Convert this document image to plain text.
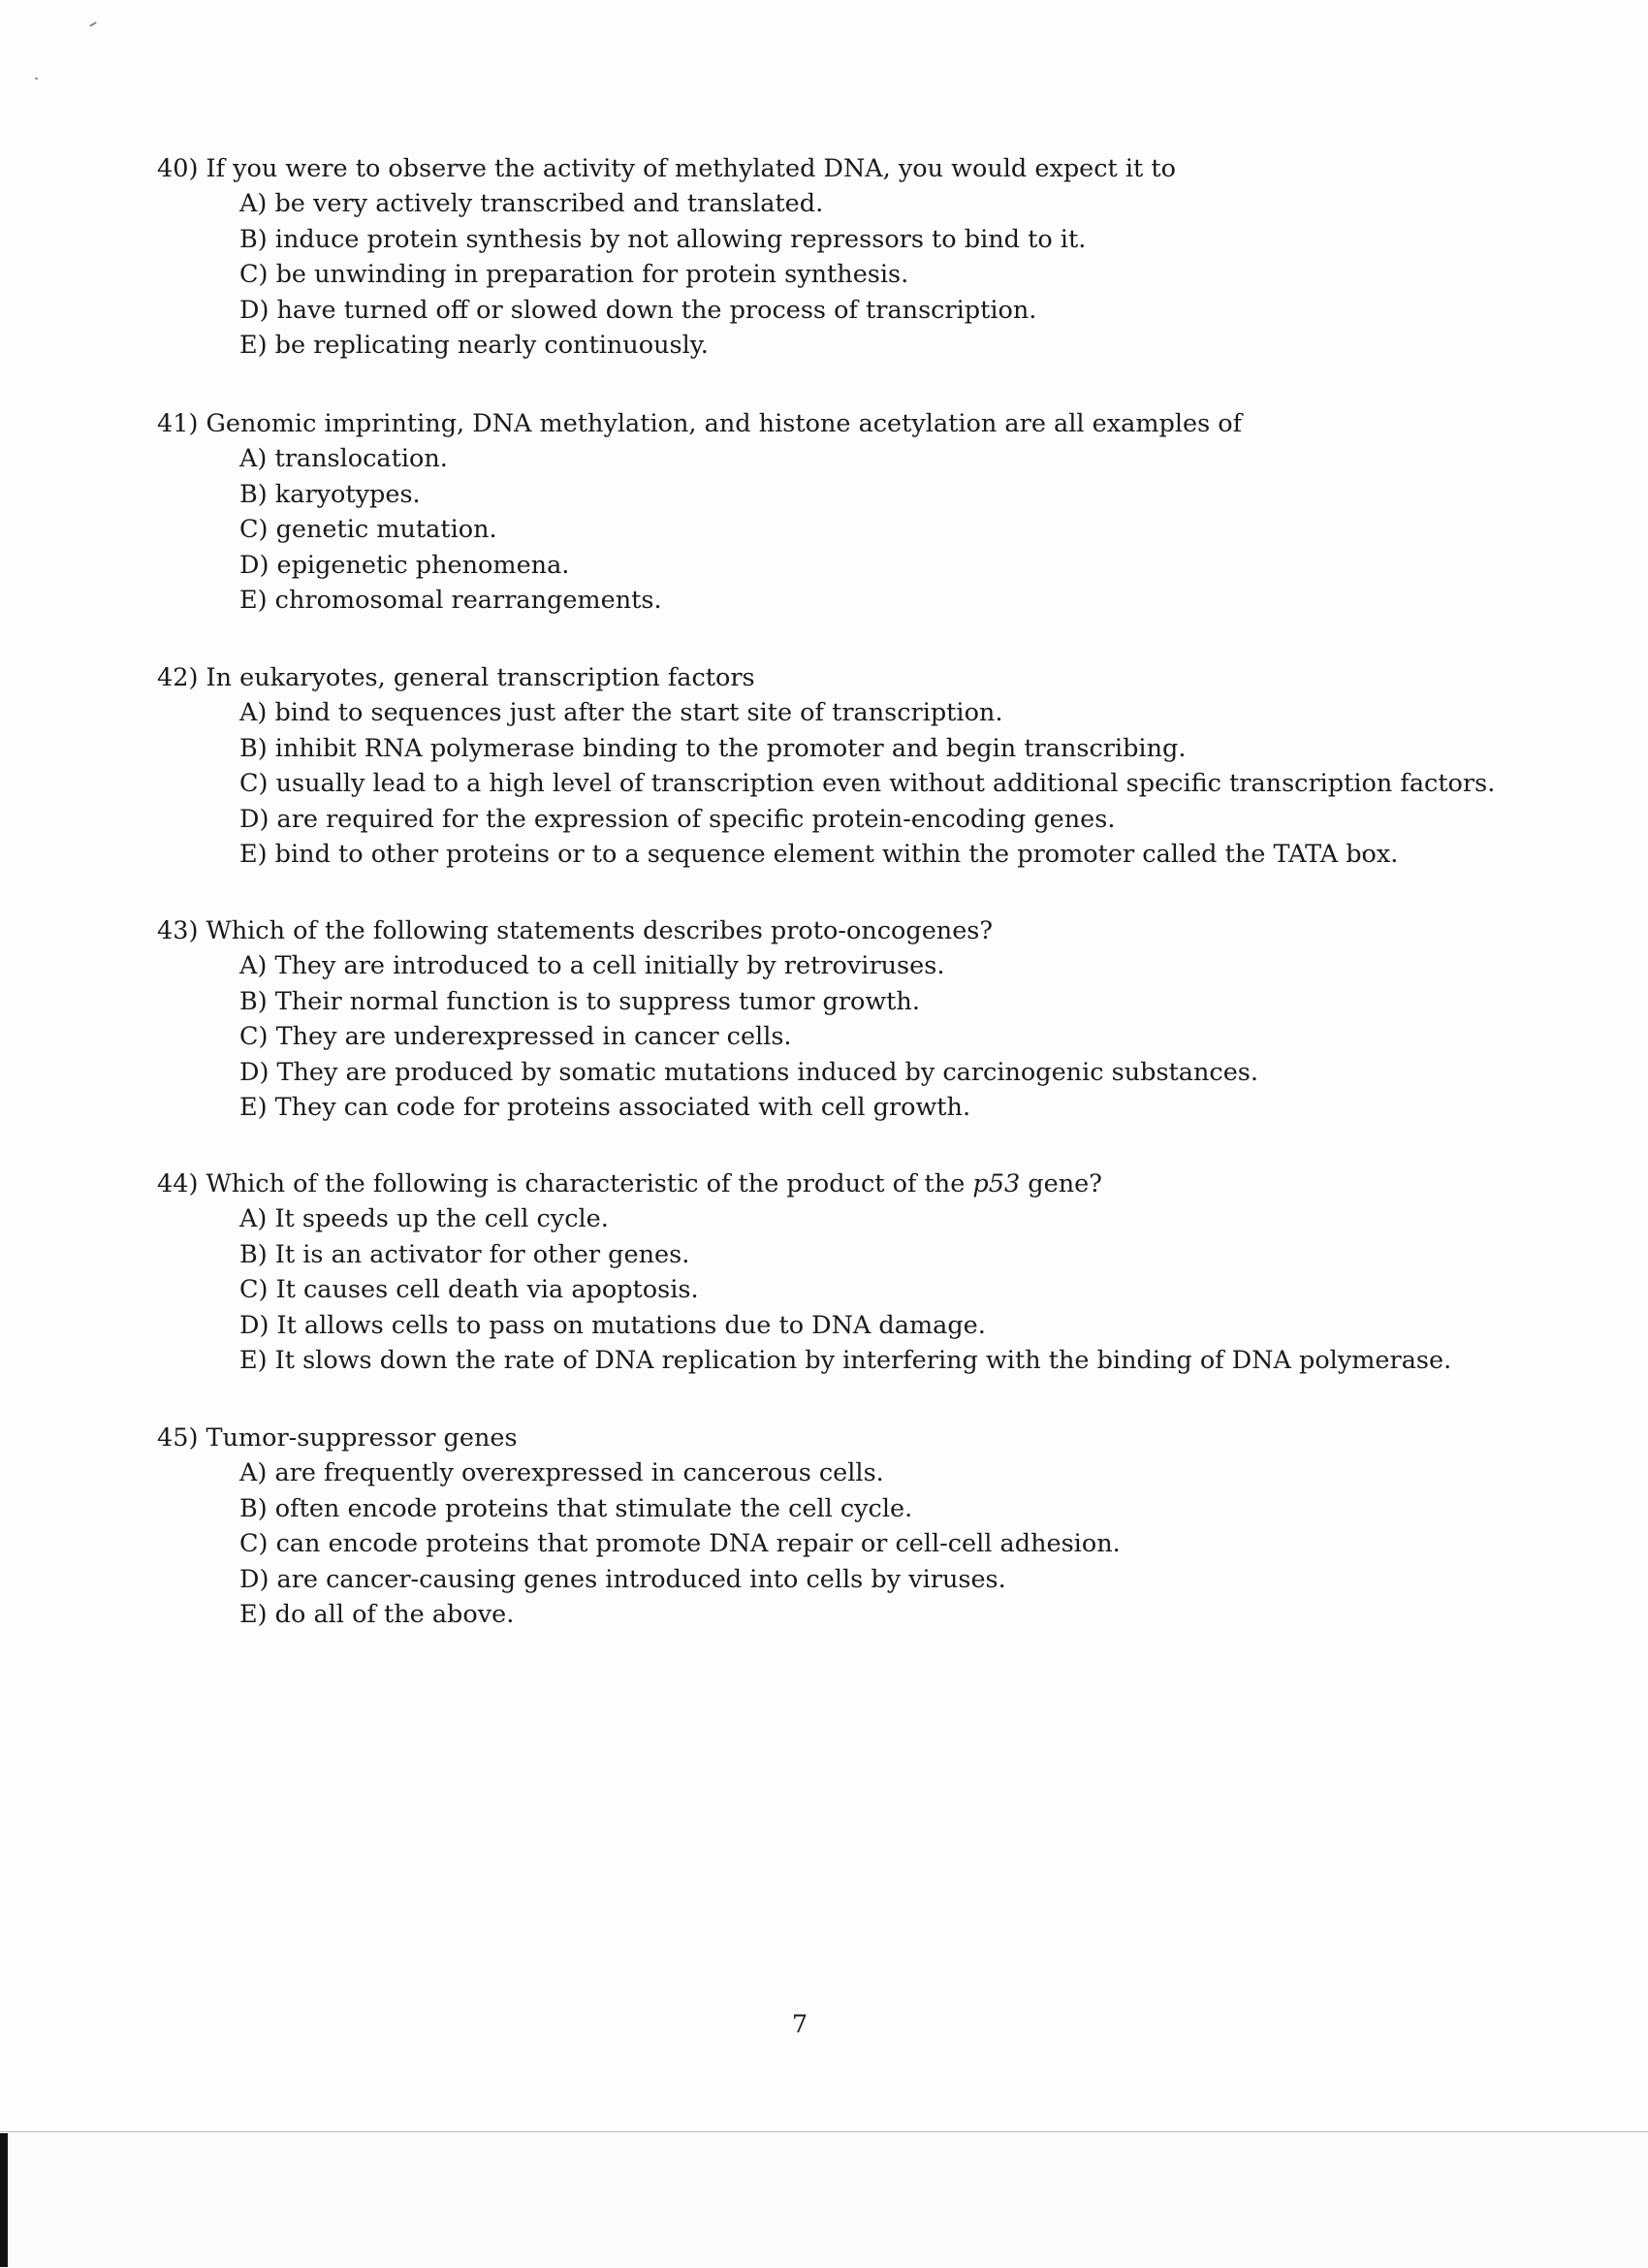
40) If you were to observe the activity of methylated DNA, you would expect it to
A) be very actively transcribed and translated.
B) induce protein synthesis by not allowing repressors to bind to it.
C) be unwinding in preparation for protein synthesis.
D) have turned off or slowed down the process of transcription.
E) be replicating nearly continuously.
41) Genomic imprinting, DNA methylation, and histone acetylation are all examples of
A) translocation.
B) karyotypes.
C) genetic mutation.
D) epigenetic phenomena.
E) chromosomal rearrangements.
42) In eukaryotes, general transcription factors
A) bind to sequences just after the start site of transcription.
B) inhibit RNA polymerase binding to the promoter and begin transcribing.
C) usually lead to a high level of transcription even without additional specific transcription factors.
D) are required for the expression of specific protein-encoding genes.
E) bind to other proteins or to a sequence element within the promoter called the TATA box.
43) Which of the following statements describes proto-oncogenes?
A) They are introduced to a cell initially by retroviruses.
B) Their normal function is to suppress tumor growth.
C) They are underexpressed in cancer cells.
D) They are produced by somatic mutations induced by carcinogenic substances.
E) They can code for proteins associated with cell growth.
44) Which of the following is characteristic of the product of the p53 gene?
A) It speeds up the cell cycle.
B) It is an activator for other genes.
C) It causes cell death via apoptosis.
D) It allows cells to pass on mutations due to DNA damage.
E) It slows down the rate of DNA replication by interfering with the binding of DNA polymerase.
45) Tumor-suppressor genes
A) are frequently overexpressed in cancerous cells.
B) often encode proteins that stimulate the cell cycle.
C) can encode proteins that promote DNA repair or cell-cell adhesion.
D) are cancer-causing genes introduced into cells by viruses.
E) do all of the above.
7
